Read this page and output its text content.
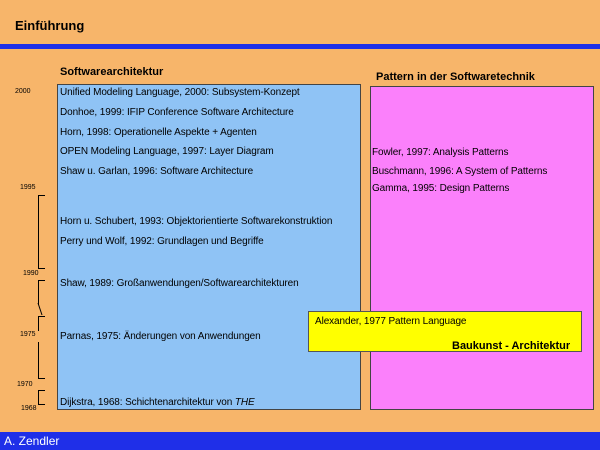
Einführung
Softwarearchitektur	Pattern in der Softwaretechnik
2000
1995
1990
1975
1970
1968
Unified Modeling Language, 2000: Subsystem-Konzept
Donhoe, 1999: IFIP Conference Software Architecture
Horn, 1998: Operationelle Aspekte + Agenten
OPEN Modeling Language, 1997: Layer Diagram
Shaw u. Garlan, 1996: Software Architecture
Horn u. Schubert, 1993: Objektorientierte Softwarekonstruktion
Perry und Wolf, 1992: Grundlagen und Begriffe
Shaw, 1989: Großanwendungen/Softwarearchitekturen
Parnas, 1975: Änderungen von Anwendungen
Dijkstra, 1968: Schichtenarchitektur von THE
Fowler, 1997: Analysis Patterns
Buschmann, 1996: A System of Patterns
Gamma, 1995: Design Patterns
Alexander, 1977 Pattern Language
Baukunst - Architektur
A. Zendler
